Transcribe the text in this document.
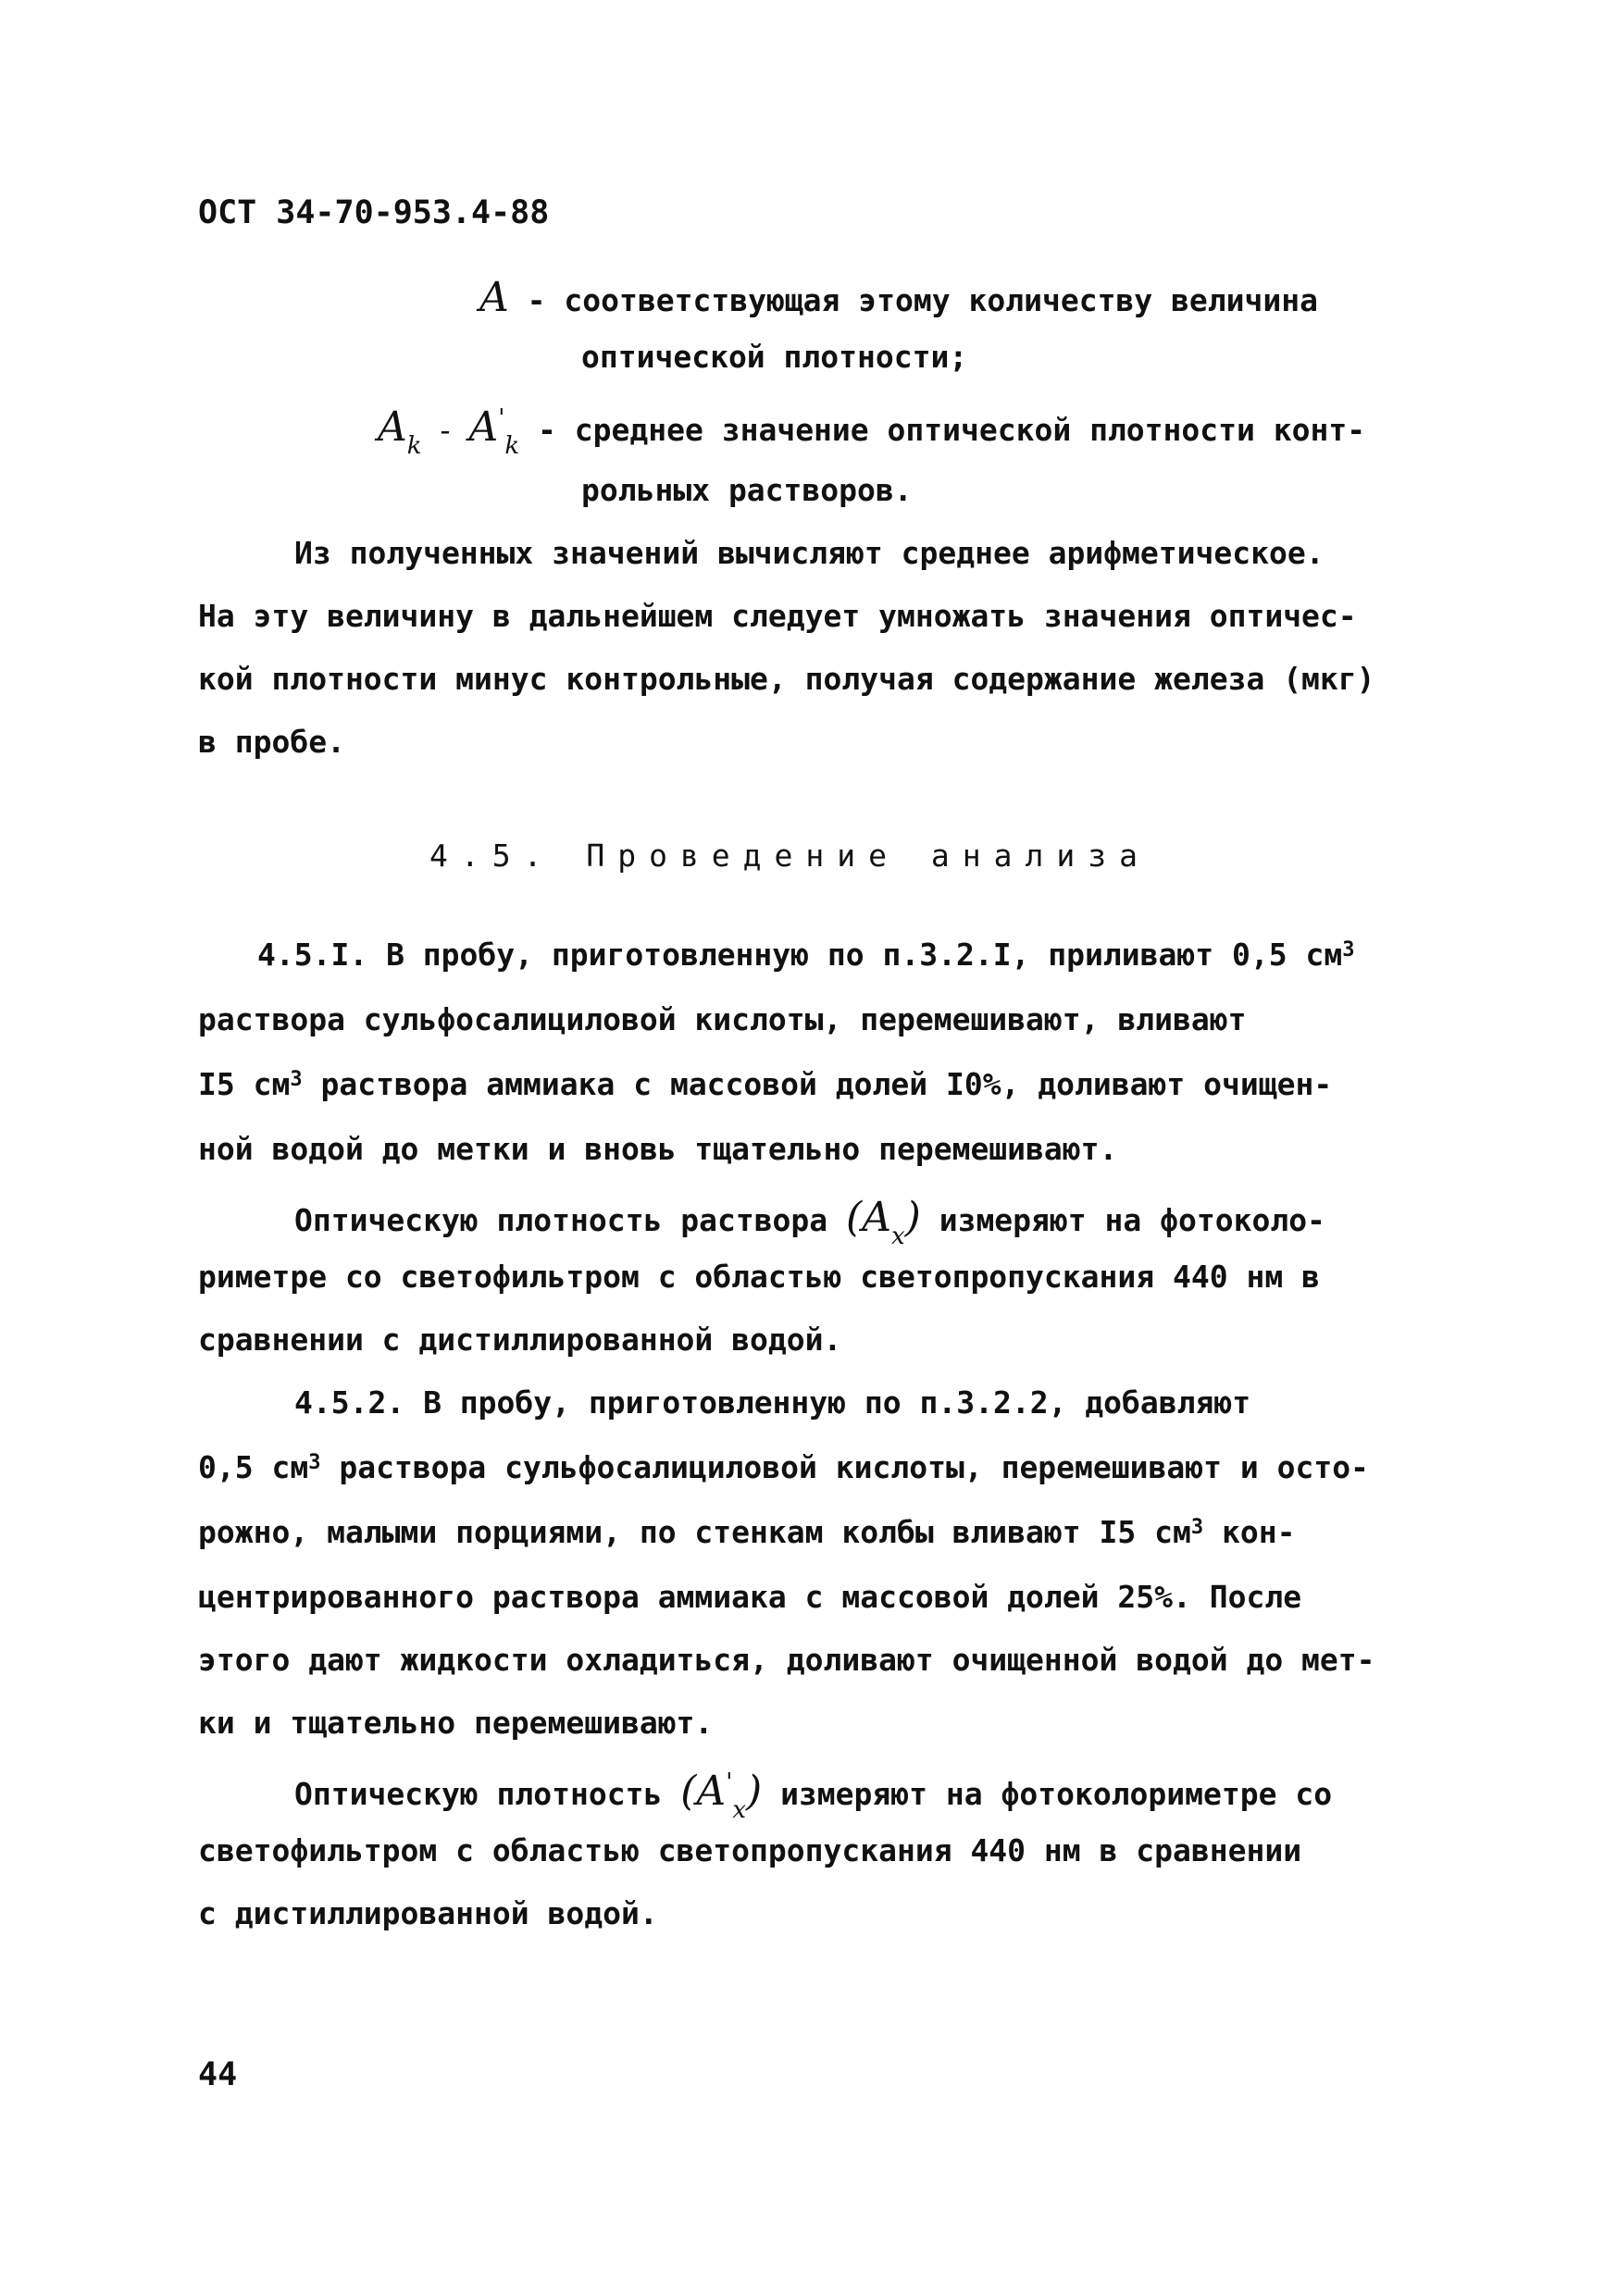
ОСТ 34-70-953.4-88
A - соответствующая этому количеству величина
оптической плотности;
$A_k - A'_k$ - среднее значение оптической плотности конт-
рольных растворов.
Из полученных значений вычисляют среднее арифметическое.
На эту величину в дальнейшем следует умножать значения оптичес-
кой плотности минус контрольные, получая содержание железа (мкг)
в пробе.
4.5. Проведение анализа
4.5.I. В пробу, приготовленную по п.3.2.I, приливают 0,5 $см^3$
раствора сульфосалициловой кислоты, перемешивают, вливают
I5 $см^3$ раствора аммиака с массовой долей I0%, доливают очищен-
ной водой до метки и вновь тщательно перемешивают.
Оптическую плотность раствора $(A_x)$ измеряют на фотоколо-
риметре со светофильтром с областью светопропускания 440 нм в
сравнении с дистиллированной водой.
4.5.2. В пробу, приготовленную по п.3.2.2, добавляют
0,5 $см^3$ раствора сульфосалициловой кислоты, перемешивают и осто-
рожно, малыми порциями, по стенкам колбы вливают I5 $см^3$ кон-
центрированного раствора аммиака с массовой долей 25%. После
этого дают жидкости охладиться, доливают очищенной водой до мет-
ки и тщательно перемешивают.
Оптическую плотность $(A'_x)$ измеряют на фотоколориметре со
светофильтром с областью светопропускания 440 нм в сравнении
с дистиллированной водой.
44
